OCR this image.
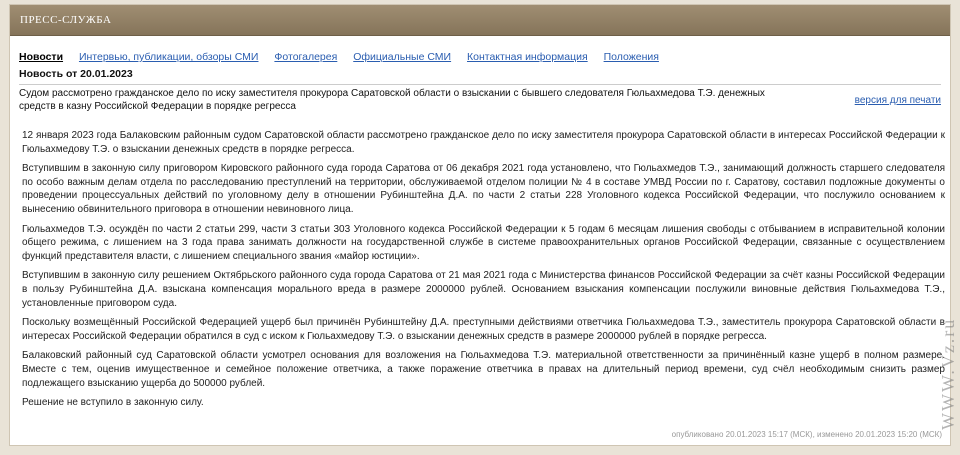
ПРЕСС-СЛУЖБА
Новости Интервью, публикации, обзоры СМИ Фотогалерея Официальные СМИ Контактная информация Положения
Новость от 20.01.2023
Судом рассмотрено гражданское дело по иску заместителя прокурора Саратовской области о взыскании с бывшего следователя Гюльахмедова Т.Э. денежных средств в казну Российской Федерации в порядке регресса
версия для печати

12 января 2023 года Балаковским районным судом Саратовской области рассмотрено гражданское дело по иску заместителя прокурора Саратовской области в интересах Российской Федерации к Гюльахмедову Т.Э. о взыскании денежных средств в порядке регресса.

Вступившим в законную силу приговором Кировского районного суда города Саратова от 06 декабря 2021 года установлено, что Гюльахмедов Т.Э., занимающий должность старшего следователя по особо важным делам отдела по расследованию преступлений на территории, обслуживаемой отделом полиции № 4 в составе УМВД России по г. Саратову, составил подложные документы о проведении процессуальных действий по уголовному делу в отношении Рубинштейна Д.А. по части 2 статьи 228 Уголовного кодекса Российской Федерации, что послужило основанием к вынесению обвинительного приговора в отношении невиновного лица.

Гюльахмедов Т.Э. осуждён по части 2 статьи 299, части 3 статьи 303 Уголовного кодекса Российской Федерации к 5 годам 6 месяцам лишения свободы с отбыванием в исправительной колонии общего режима, с лишением на 3 года права занимать должности на государственной службе в системе правоохранительных органов Российской Федерации, связанные с осуществлением функций представителя власти, с лишением специального звания «майор юстиции».

Вступившим в законную силу решением Октябрьского районного суда города Саратова от 21 мая 2021 года с Министерства финансов Российской Федерации за счёт казны Российской Федерации в пользу Рубинштейна Д.А. взыскана компенсация морального вреда в размере 2000000 рублей. Основанием взыскания компенсации послужили виновные действия Гюльахмедова Т.Э., установленные приговором суда.

Поскольку возмещённый Российской Федерацией ущерб был причинён Рубинштейну Д.А. преступными действиями ответчика Гюльахмедова Т.Э., заместитель прокурора Саратовской области в интересах Российской Федерации обратился в суд с иском к Гюльахмедову Т.Э. о взыскании денежных средств в размере 2000000 рублей в порядке регресса.

Балаковский районный суд Саратовской области усмотрел основания для возложения на Гюльахмедова Т.Э. материальной ответственности за причинённый казне ущерб в полном размере. Вместе с тем, оценив имущественное и семейное положение ответчика, а также поражение ответчика в правах на длительный период времени, суд счёл необходимым снизить размер подлежащего взысканию ущерба до 500000 рублей.

Решение не вступило в законную силу.

опубликовано 20.01.2023 15:17 (МСК), изменено 20.01.2023 15:20 (МСК)
WWW.Vz.ru
